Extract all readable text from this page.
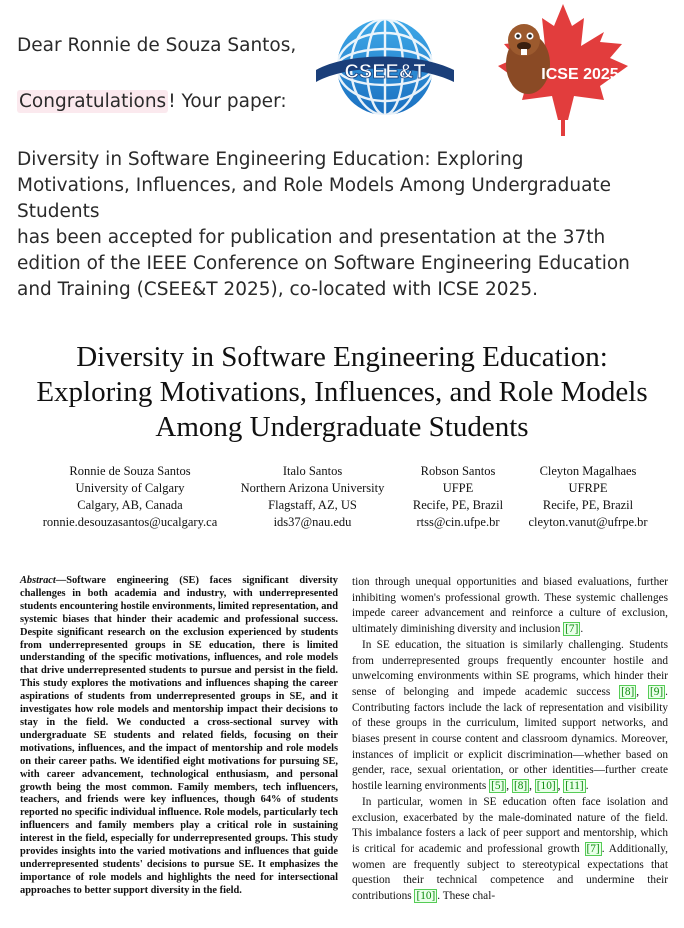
Dear Ronnie de Souza Santos,

Congratulations ! Your paper:

Diversity in Software Engineering Education: Exploring Motivations, Influences, and Role Models Among Undergraduate Students

has been accepted for publication and presentation at the 37th edition of the IEEE Conference on Software Engineering Education and Training (CSEE&T 2025), co-located with ICSE 2025.

CSEE&T	ICSE 2025
Diversity in Software Engineering Education:
Exploring Motivations, Influences, and Role Models
Among Undergraduate Students
Ronnie de Souza Santos
University of Calgary
Calgary, AB, Canada
ronnie.desouzasantos@ucalgary.ca
Italo Santos
Northern Arizona University
Flagstaff, AZ, US
ids37@nau.edu
Robson Santos
UFPE
Recife, PE, Brazil
rtss@cin.ufpe.br
Cleyton Magalhaes
UFRPE
Recife, PE, Brazil
cleyton.vanut@ufrpe.br
Abstract—Software engineering (SE) faces significant diversity challenges in both academia and industry, with underrepresented students encountering hostile environments, limited representation, and systemic biases that hinder their academic and professional success. Despite significant research on the exclusion experienced by students from underrepresented groups in SE education, there is limited understanding of the specific motivations, influences, and role models that drive underrepresented students to pursue and persist in the field. This study explores the motivations and influences shaping the career aspirations of students from underrepresented groups in SE, and it investigates how role models and mentorship impact their decisions to stay in the field. We conducted a cross-sectional survey with undergraduate SE students and related fields, focusing on their motivations, influences, and the impact of mentorship and role models on their career paths. We identified eight motivations for pursuing SE, with career advancement, technological enthusiasm, and personal growth being the most common. Family members, tech influencers, teachers, and friends were key influences, though 64% of students reported no specific individual influence. Role models, particularly tech influencers and family members play a critical role in sustaining interest in the field, especially for underrepresented groups. This study provides insights into the varied motivations and influences that guide underrepresented students' decisions to pursue SE. It emphasizes the importance of role models and highlights the need for intersectional approaches to better support diversity in the field.

tion through unequal opportunities and biased evaluations, further inhibiting women's professional growth. These systemic challenges impede career advancement and reinforce a culture of exclusion, ultimately diminishing diversity and inclusion [7] .

In SE education, the situation is similarly challenging. Students from underrepresented groups frequently encounter hostile and unwelcoming environments within SE programs, which hinder their sense of belonging and impede academic success [8] , [9] . Contributing factors include the lack of representation and visibility of these groups in the curriculum, limited support networks, and biases present in course content and classroom dynamics. Moreover, instances of implicit or explicit discrimination—whether based on gender, race, sexual orientation, or other identities—further create hostile learning environments [5] , [8] , [10] , [11] .

In particular, women in SE education often face isolation and exclusion, exacerbated by the male-dominated nature of the field. This imbalance fosters a lack of peer support and mentorship, which is critical for academic and professional growth [7] . Additionally, women are frequently subject to stereotypical expectations that question their technical competence and undermine their contributions [10] . These chal-
